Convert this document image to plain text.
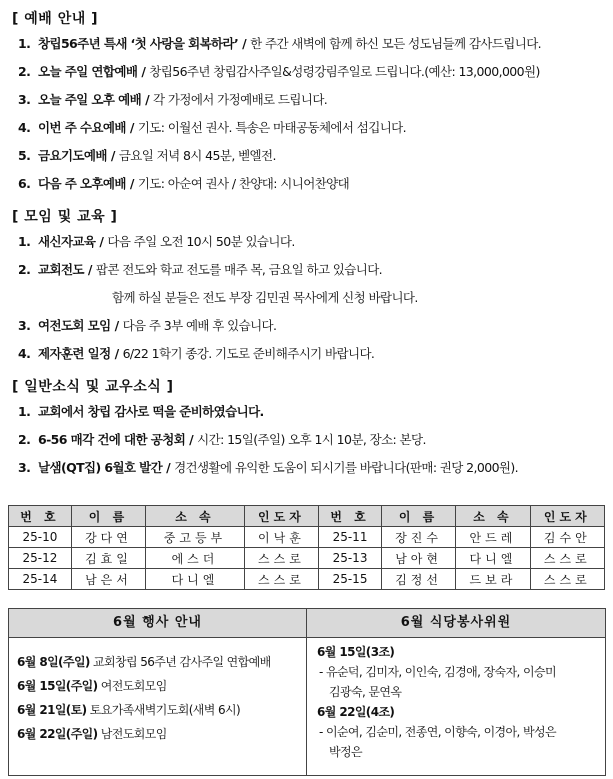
[ 예배 안내 ]
1. 창립56주년 특새 ‘첫 사랑을 회복하라’ / 한 주간 새벽에 함께 하신 모든 성도님들께 감사드립니다.
2. 오늘 주일 연합예배 / 창립56주년 창립감사주일&성령강림주일로 드립니다.(예산: 13,000,000원)
3. 오늘 주일 오후 예배 / 각 가정에서 가정예배로 드립니다.
4. 이번 주 수요예배 / 기도: 이월선 권사. 특송은 마태공동체에서 섬깁니다.
5. 금요기도예배 / 금요일 저녁 8시 45분, 벧엘전.
6. 다음 주 오후예배 / 기도: 아순여 권사 / 찬양대: 시니어찬양대
[ 모임 및 교육 ]
1. 새신자교육 / 다음 주일 오전 10시 50분 있습니다.
2. 교회전도 / 팝콘 전도와 학교 전도를 매주 목, 금요일 하고 있습니다.
함께 하실 분들은 전도 부장 김민권 목사에게 신청 바랍니다.
3. 여전도회 모임 / 다음 주 3부 예배 후 있습니다.
4. 제자훈련 일정 / 6/22 1학기 종강. 기도로 준비해주시기 바랍니다.
[ 일반소식 및 교우소식 ]
1. 교회에서 창립 감사로 떡을 준비하였습니다.
2. 6-56 매각 건에 대한 공청회 / 시간: 15일(주일) 오후 1시 10분, 장소: 본당.
3. 날샘(QT집) 6월호 발간 / 경건생활에 유익한 도움이 되시기를 바랍니다(판매: 권당 2,000원).
번 호	이 름	소 속	인도자	번 호	이 름	소 속	인도자
25-10	강다연	중고등부	이낙훈	25-11	장진수	안드레	김수안
25-12	김효일	에스더	스스로	25-13	남아현	다니엘	스스로
25-14	남은서	다니엘	스스로	25-15	김정선	드보라	스스로
6월 행사 안내
6월 8일(주일) 교회창립 56주년 감사주일 연합예배
6월 15일(주일) 여전도회모임
6월 21일(토) 토요가족새벽기도회(새벽 6시)
6월 22일(주일) 남전도회모임
6월 식당봉사위원
6월 15일(3조)
- 유순덕, 김미자, 이인숙, 김경애, 장숙자, 이승미
김광숙, 문연옥
6월 22일(4조)
- 이순여, 김순미, 전종연, 이향숙, 이경아, 박성은
박정은
